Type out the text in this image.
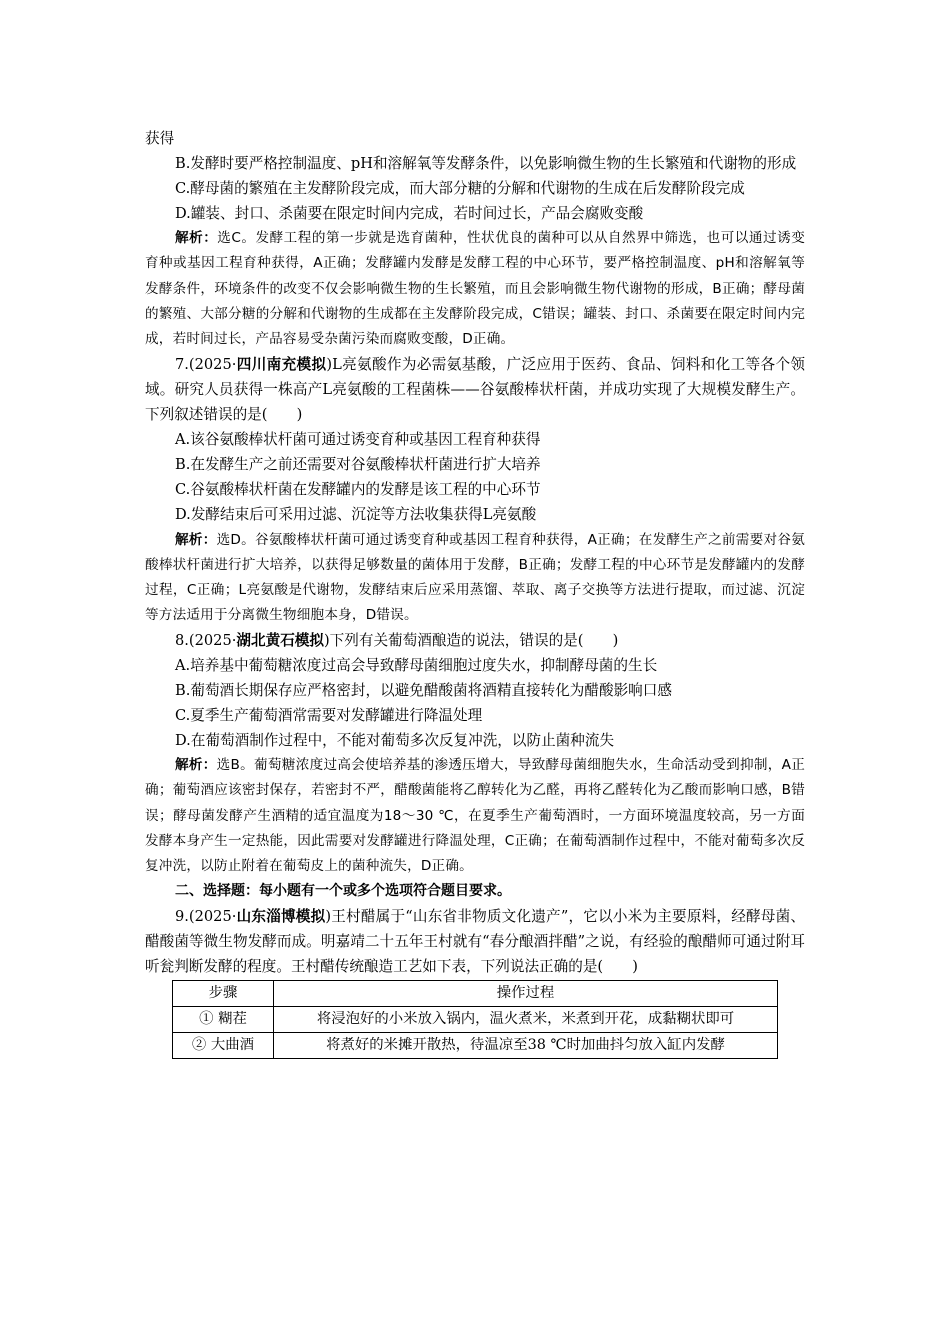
获得

B.发酵时要严格控制温度、pH和溶解氧等发酵条件，以免影响微生物的生长繁殖和代谢物的形成

C.酵母菌的繁殖在主发酵阶段完成，而大部分糖的分解和代谢物的生成在后发酵阶段完成

D.罐装、封口、杀菌要在限定时间内完成，若时间过长，产品会腐败变酸

解析：选C。发酵工程的第一步就是选育菌种，性状优良的菌种可以从自然界中筛选，也可以通过诱变育种或基因工程育种获得，A正确；发酵罐内发酵是发酵工程的中心环节，要严格控制温度、pH和溶解氧等发酵条件，环境条件的改变不仅会影响微生物的生长繁殖，而且会影响微生物代谢物的形成，B正确；酵母菌的繁殖、大部分糖的分解和代谢物的生成都在主发酵阶段完成，C错误；罐装、封口、杀菌要在限定时间内完成，若时间过长，产品容易受杂菌污染而腐败变酸，D正确。

7.(2025·四川南充模拟)L亮氨酸作为必需氨基酸，广泛应用于医药、食品、饲料和化工等各个领域。研究人员获得一株高产L亮氨酸的工程菌株——谷氨酸棒状杆菌，并成功实现了大规模发酵生产。下列叙述错误的是(　　)

A.该谷氨酸棒状杆菌可通过诱变育种或基因工程育种获得

B.在发酵生产之前还需要对谷氨酸棒状杆菌进行扩大培养

C.谷氨酸棒状杆菌在发酵罐内的发酵是该工程的中心环节

D.发酵结束后可采用过滤、沉淀等方法收集获得L亮氨酸

解析：选D。谷氨酸棒状杆菌可通过诱变育种或基因工程育种获得，A正确；在发酵生产之前需要对谷氨酸棒状杆菌进行扩大培养，以获得足够数量的菌体用于发酵，B正确；发酵工程的中心环节是发酵罐内的发酵过程，C正确；L亮氨酸是代谢物，发酵结束后应采用蒸馏、萃取、离子交换等方法进行提取，而过滤、沉淀等方法适用于分离微生物细胞本身，D错误。

8.(2025·湖北黄石模拟)下列有关葡萄酒酿造的说法，错误的是(　　)

A.培养基中葡萄糖浓度过高会导致酵母菌细胞过度失水，抑制酵母菌的生长

B.葡萄酒长期保存应严格密封，以避免醋酸菌将酒精直接转化为醋酸影响口感

C.夏季生产葡萄酒常需要对发酵罐进行降温处理

D.在葡萄酒制作过程中，不能对葡萄多次反复冲洗，以防止菌种流失

解析：选B。葡萄糖浓度过高会使培养基的渗透压增大，导致酵母菌细胞失水，生命活动受到抑制，A正确；葡萄酒应该密封保存，若密封不严，醋酸菌能将乙醇转化为乙醛，再将乙醛转化为乙酸而影响口感，B错误；酵母菌发酵产生酒精的适宜温度为18～30 ℃，在夏季生产葡萄酒时，一方面环境温度较高，另一方面发酵本身产生一定热能，因此需要对发酵罐进行降温处理，C正确；在葡萄酒制作过程中，不能对葡萄多次反复冲洗，以防止附着在葡萄皮上的菌种流失，D正确。

二、选择题：每小题有一个或多个选项符合题目要求。

9.(2025·山东淄博模拟)王村醋属于“山东省非物质文化遗产”，它以小米为主要原料，经酵母菌、醋酸菌等微生物发酵而成。明嘉靖二十五年王村就有“春分酿酒拌醋”之说，有经验的酿醋师可通过附耳听瓮判断发酵的程度。王村醋传统酿造工艺如下表，下列说法正确的是(　　)

步骤	操作过程
① 糊茬	将浸泡好的小米放入锅内，温火煮米，米煮到开花，成黏糊状即可
② 大曲酒	将煮好的米摊开散热，待温凉至38 ℃时加曲抖匀放入缸内发酵
